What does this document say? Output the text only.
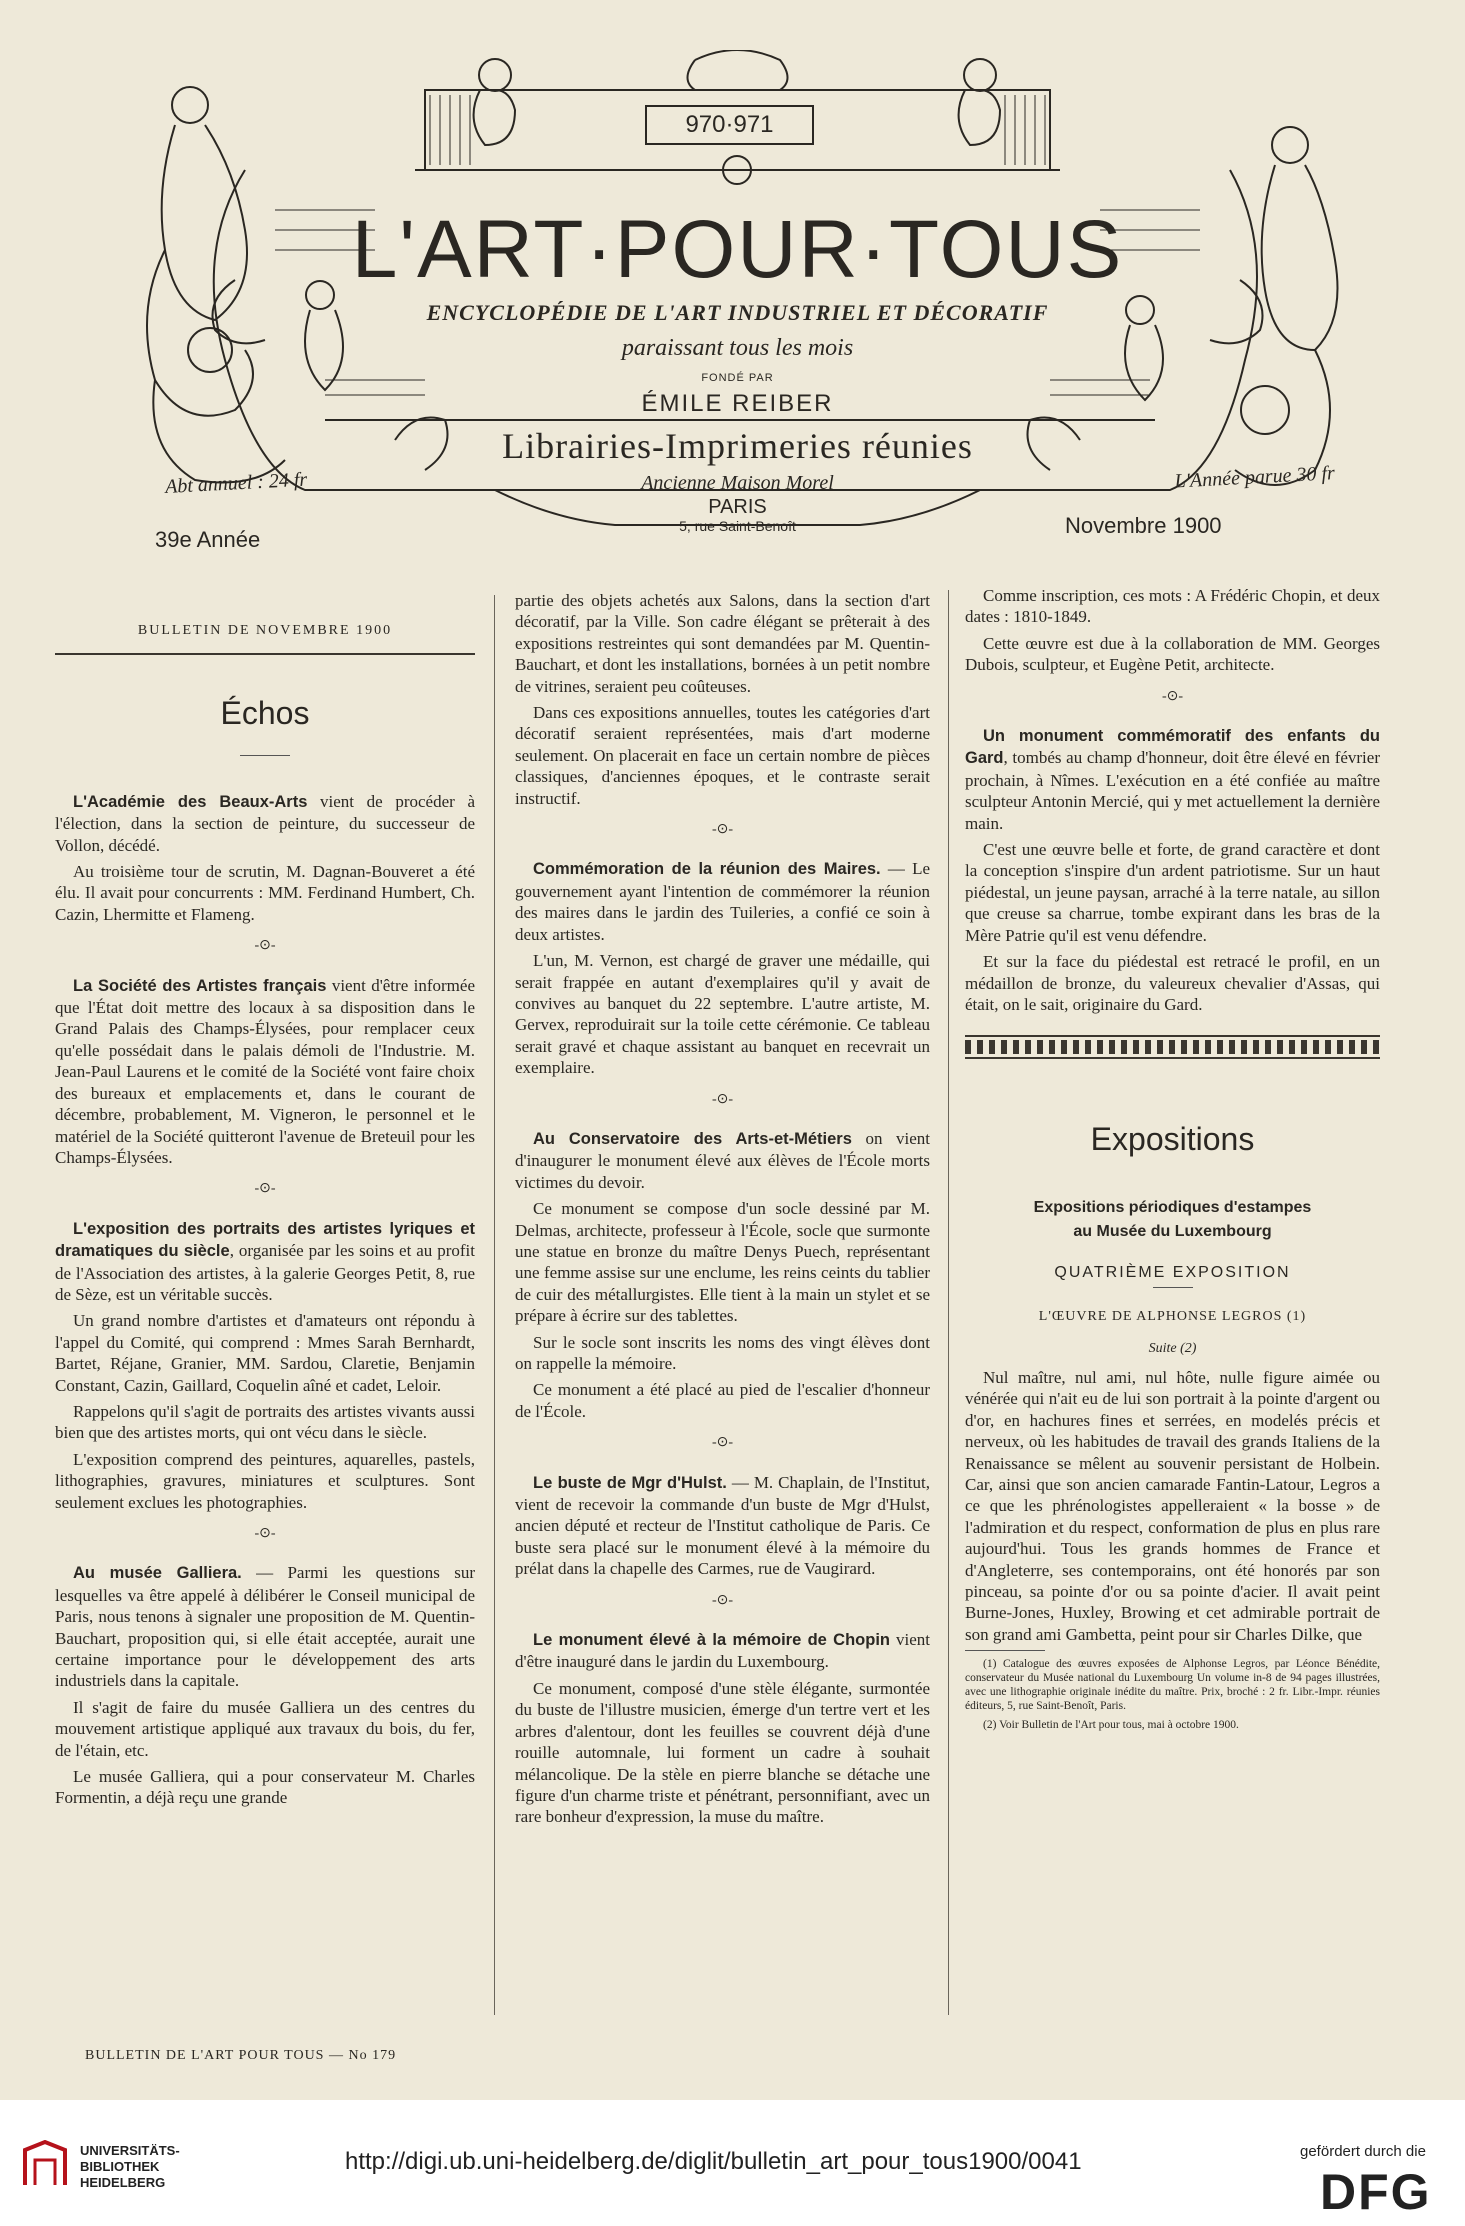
970·971
L'ART·POUR·TOUS
ENCYCLOPÉDIE DE L'ART INDUSTRIEL ET DÉCORATIF
paraissant tous les mois
FONDÉ PAR
ÉMILE REIBER
Librairies-Imprimeries réunies
Ancienne Maison Morel
PARIS
5, rue Saint-Benoît
Abt annuel : 24 fr	L'Année parue 30 fr
39e Année
Novembre 1900
BULLETIN DE NOVEMBRE 1900
Échos

L'Académie des Beaux-Arts vient de procéder à l'élection, dans la section de peinture, du successeur de Vollon, décédé.

Au troisième tour de scrutin, M. Dagnan-Bouveret a été élu. Il avait pour concurrents : MM. Ferdinand Humbert, Ch. Cazin, Lhermitte et Flameng.

-⊙-

La Société des Artistes français vient d'être informée que l'État doit mettre des locaux à sa disposition dans le Grand Palais des Champs-Élysées, pour remplacer ceux qu'elle possédait dans le palais démoli de l'Industrie. M. Jean-Paul Laurens et le comité de la Société vont faire choix des bureaux et emplacements et, dans le courant de décembre, probablement, M. Vigneron, le personnel et le matériel de la Société quitteront l'avenue de Breteuil pour les Champs-Élysées.

-⊙-

L'exposition des portraits des artistes lyriques et dramatiques du siècle, organisée par les soins et au profit de l'Association des artistes, à la galerie Georges Petit, 8, rue de Sèze, est un véritable succès.

Un grand nombre d'artistes et d'amateurs ont répondu à l'appel du Comité, qui comprend : Mmes Sarah Bernhardt, Bartet, Réjane, Granier, MM. Sardou, Claretie, Benjamin Constant, Cazin, Gaillard, Coquelin aîné et cadet, Leloir.

Rappelons qu'il s'agit de portraits des artistes vivants aussi bien que des artistes morts, qui ont vécu dans le siècle.

L'exposition comprend des peintures, aquarelles, pastels, lithographies, gravures, miniatures et sculptures. Sont seulement exclues les photographies.

-⊙-

Au musée Galliera. — Parmi les questions sur lesquelles va être appelé à délibérer le Conseil municipal de Paris, nous tenons à signaler une proposition de M. Quentin-Bauchart, proposition qui, si elle était acceptée, aurait une certaine importance pour le développement des arts industriels dans la capitale.

Il s'agit de faire du musée Galliera un des centres du mouvement artistique appliqué aux travaux du bois, du fer, de l'étain, etc.

Le musée Galliera, qui a pour conservateur M. Charles Formentin, a déjà reçu une grande

partie des objets achetés aux Salons, dans la section d'art décoratif, par la Ville. Son cadre élégant se prêterait à des expositions restreintes qui sont demandées par M. Quentin-Bauchart, et dont les installations, bornées à un petit nombre de vitrines, seraient peu coûteuses.

Dans ces expositions annuelles, toutes les catégories d'art décoratif seraient représentées, mais d'art moderne seulement. On placerait en face un certain nombre de pièces classiques, d'anciennes époques, et le contraste serait instructif.

-⊙-

Commémoration de la réunion des Maires. — Le gouvernement ayant l'intention de commémorer la réunion des maires dans le jardin des Tuileries, a confié ce soin à deux artistes.

L'un, M. Vernon, est chargé de graver une médaille, qui serait frappée en autant d'exemplaires qu'il y avait de convives au banquet du 22 septembre. L'autre artiste, M. Gervex, reproduirait sur la toile cette cérémonie. Ce tableau serait gravé et chaque assistant au banquet en recevrait un exemplaire.

-⊙-

Au Conservatoire des Arts-et-Métiers on vient d'inaugurer le monument élevé aux élèves de l'École morts victimes du devoir.

Ce monument se compose d'un socle dessiné par M. Delmas, architecte, professeur à l'École, socle que surmonte une statue en bronze du maître Denys Puech, représentant une femme assise sur une enclume, les reins ceints du tablier de cuir des métallurgistes. Elle tient à la main un stylet et se prépare à écrire sur des tablettes.

Sur le socle sont inscrits les noms des vingt élèves dont on rappelle la mémoire.

Ce monument a été placé au pied de l'escalier d'honneur de l'École.

-⊙-

Le buste de Mgr d'Hulst. — M. Chaplain, de l'Institut, vient de recevoir la commande d'un buste de Mgr d'Hulst, ancien député et recteur de l'Institut catholique de Paris. Ce buste sera placé sur le monument élevé à la mémoire du prélat dans la chapelle des Carmes, rue de Vaugirard.

-⊙-

Le monument élevé à la mémoire de Chopin vient d'être inauguré dans le jardin du Luxembourg.

Ce monument, composé d'une stèle élégante, surmontée du buste de l'illustre musicien, émerge d'un tertre vert et les arbres d'alentour, dont les feuilles se couvrent déjà d'une rouille automnale, lui forment un cadre à souhait mélancolique. De la stèle en pierre blanche se détache une figure d'un charme triste et pénétrant, personnifiant, avec un rare bonheur d'expression, la muse du maître.

Comme inscription, ces mots : A Frédéric Chopin, et deux dates : 1810-1849.

Cette œuvre est due à la collaboration de MM. Georges Dubois, sculpteur, et Eugène Petit, architecte.

-⊙-

Un monument commémoratif des enfants du Gard, tombés au champ d'honneur, doit être élevé en février prochain, à Nîmes. L'exécution en a été confiée au maître sculpteur Antonin Mercié, qui y met actuellement la dernière main.

C'est une œuvre belle et forte, de grand caractère et dont la conception s'inspire d'un ardent patriotisme. Sur un haut piédestal, un jeune paysan, arraché à la terre natale, au sillon que creuse sa charrue, tombe expirant dans les bras de la Mère Patrie qu'il est venu défendre.

Et sur la face du piédestal est retracé le profil, en un médaillon de bronze, du valeureux chevalier d'Assas, qui était, on le sait, originaire du Gard.

Expositions
Expositions périodiques d'estampes
au Musée du Luxembourg
QUATRIÈME EXPOSITION
L'ŒUVRE DE ALPHONSE LEGROS (1)
Suite (2)

Nul maître, nul ami, nul hôte, nulle figure aimée ou vénérée qui n'ait eu de lui son portrait à la pointe d'argent ou d'or, en hachures fines et serrées, en modelés précis et nerveux, où les habitudes de travail des grands Italiens de la Renaissance se mêlent au souvenir persistant de Holbein. Car, ainsi que son ancien camarade Fantin-Latour, Legros a ce que les phrénologistes appelleraient « la bosse » de l'admiration et du respect, conformation de plus en plus rare aujourd'hui. Tous les grands hommes de France et d'Angleterre, ses contemporains, ont été honorés par son pinceau, sa pointe d'or ou sa pointe d'acier. Il avait peint Burne-Jones, Huxley, Browing et cet admirable portrait de son grand ami Gambetta, peint pour sir Charles Dilke, que

(1) Catalogue des œuvres exposées de Alphonse Legros, par Léonce Bénédite, conservateur du Musée national du Luxembourg Un volume in-8 de 94 pages illustrées, avec une lithographie originale inédite du maître. Prix, broché : 2 fr. Libr.-Impr. réunies éditeurs, 5, rue Saint-Benoît, Paris.

(2) Voir Bulletin de l'Art pour tous, mai à octobre 1900.

BULLETIN DE L'ART POUR TOUS — No 179
UNIVERSITÄTS-
BIBLIOTHEK
HEIDELBERG
http://digi.ub.uni-heidelberg.de/diglit/bulletin_art_pour_tous1900/0041	gefördert durch die
DFG
